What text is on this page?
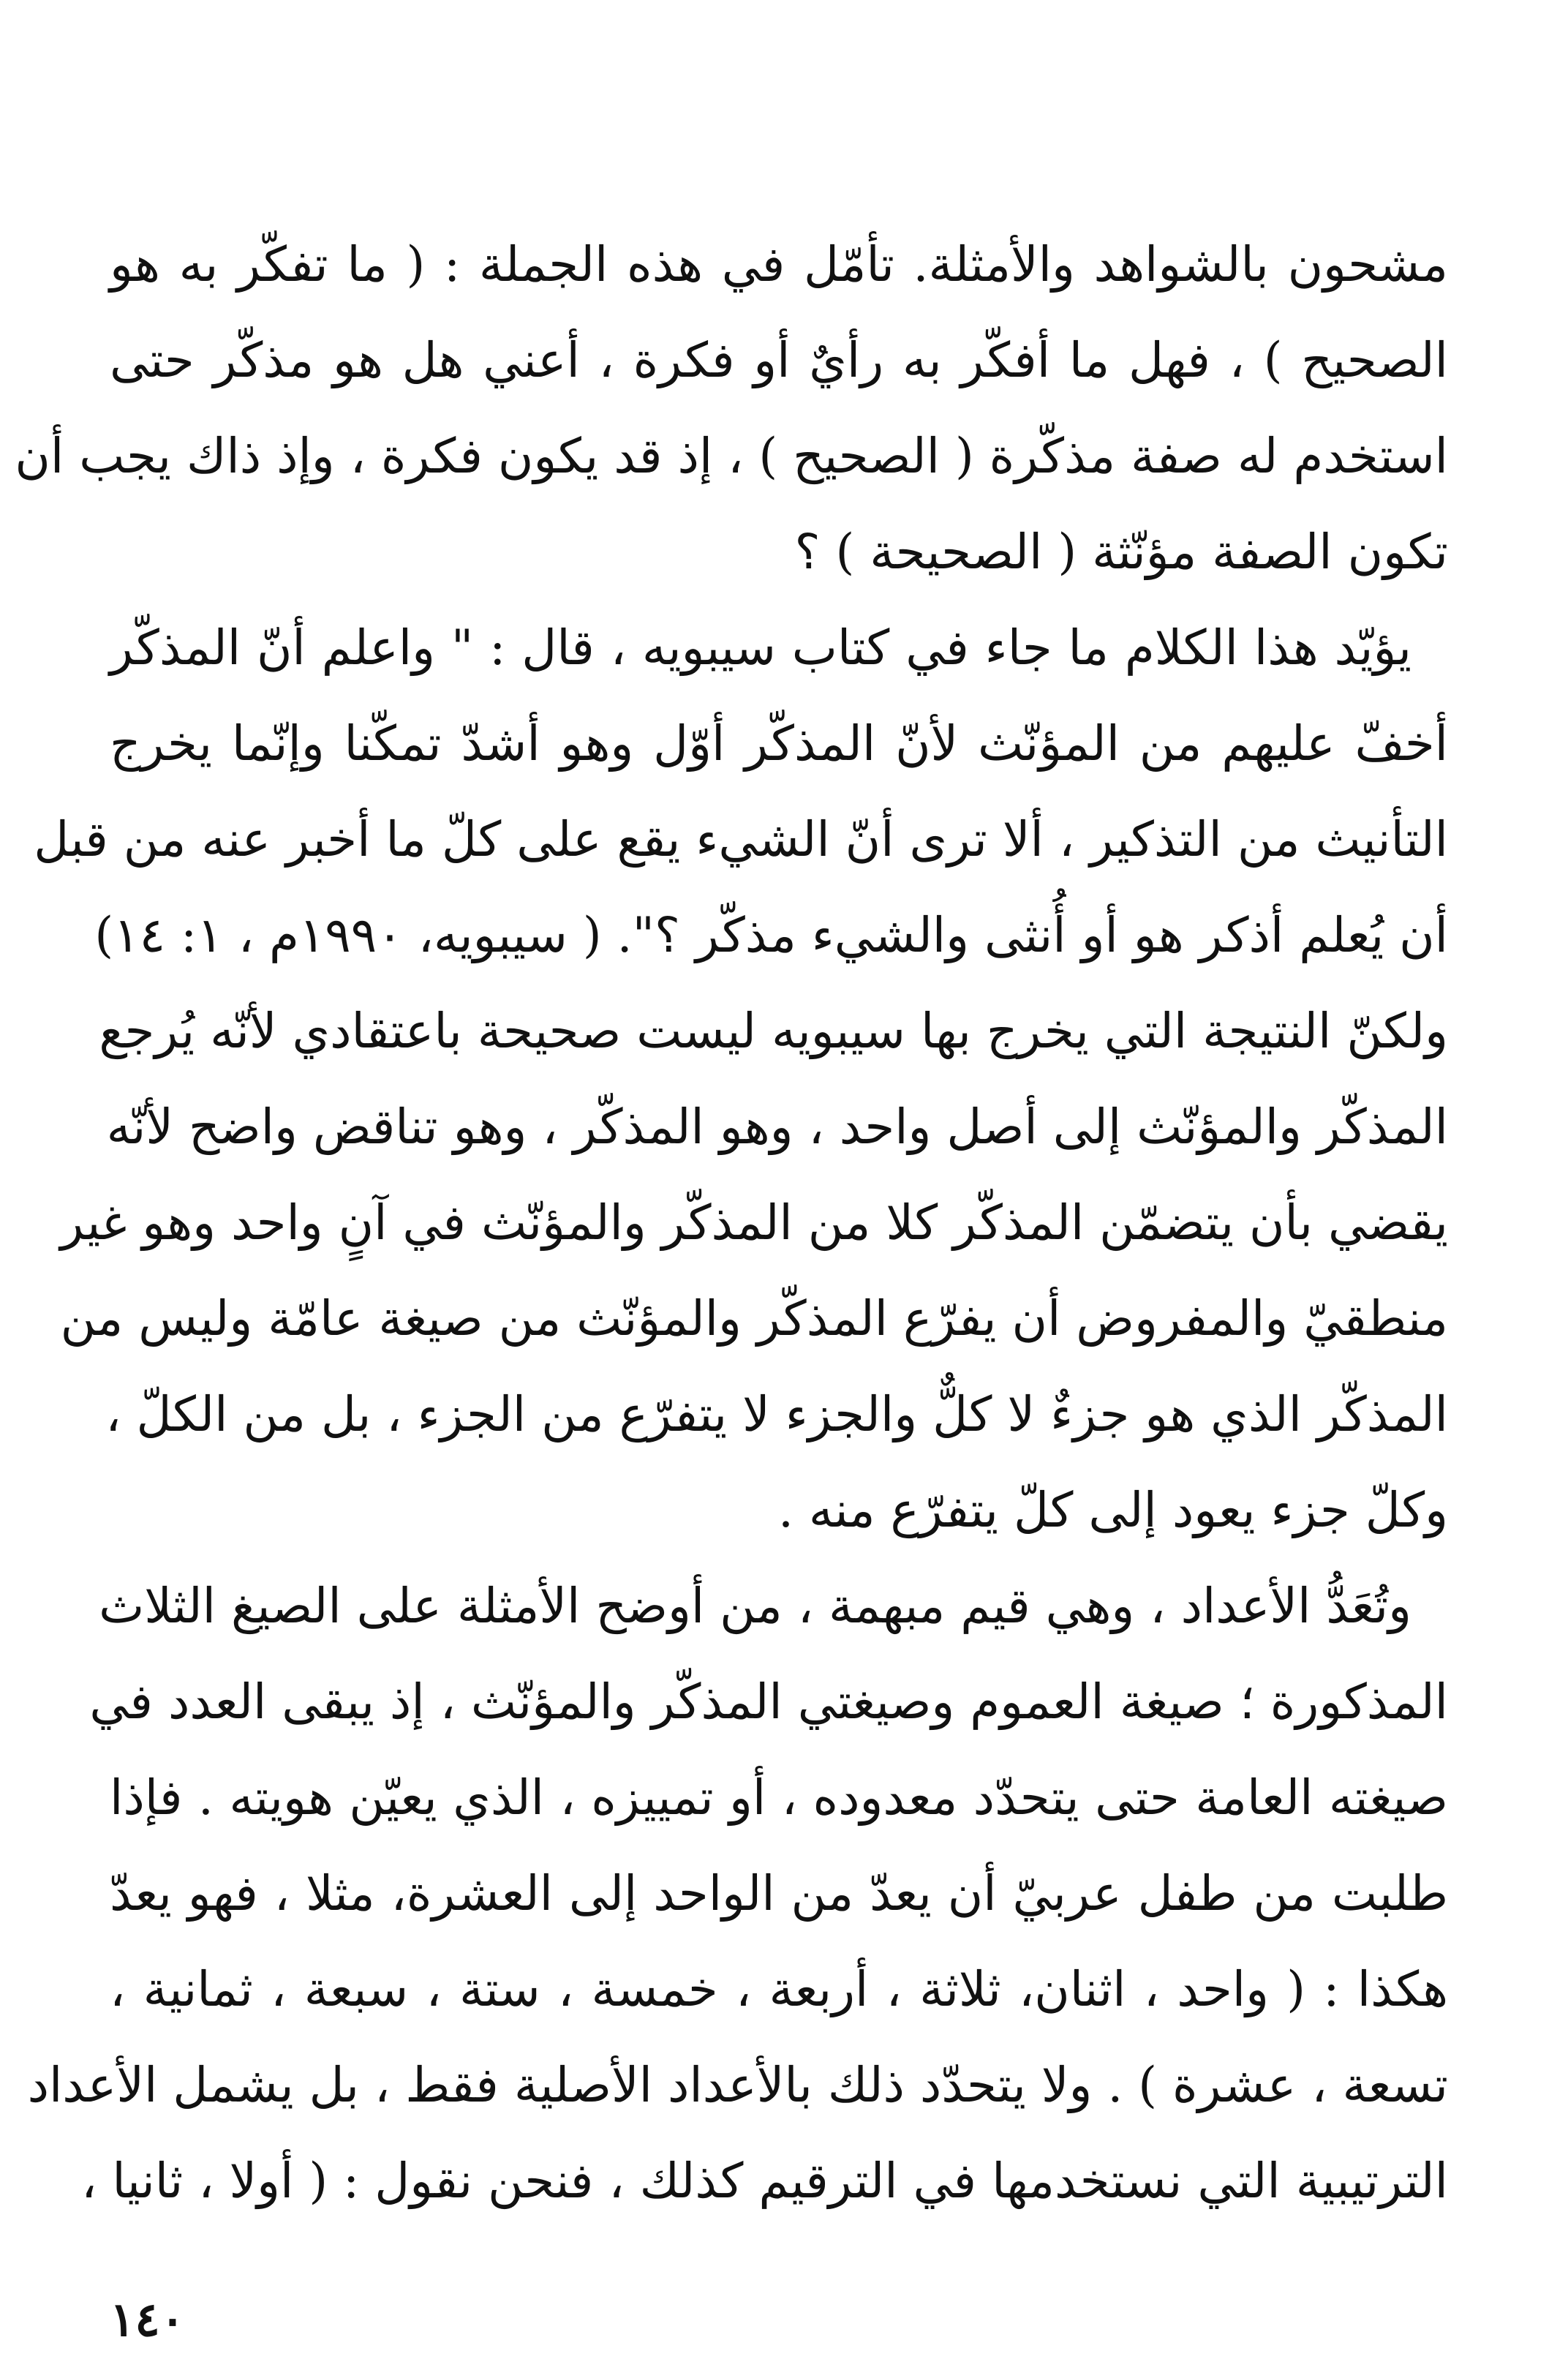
مشحون بالشواهد والأمثلة. تأمّل في هذه الجملة : ( ما تفكّر به هو
الصحيح ) ، فهل ما أفكّر به رأيٌ أو فكرة ، أعني هل هو مذكّر حتى
استخدم له صفة مذكّرة ( الصحيح ) ، إذ قد يكون فكرة ، وإذ ذاك يجب أن
تكون الصفة مؤنّثة ( الصحيحة ) ؟
يؤيّد هذا الكلام ما جاء في كتاب سيبويه ، قال : " واعلم أنّ المذكّر
أخفّ عليهم من المؤنّث لأنّ المذكّر أوّل وهو أشدّ تمكّنا وإنّما يخرج
التأنيث من التذكير ، ألا ترى أنّ الشيء يقع على كلّ ما أخبر عنه من قبل
أن يُعلم أذكر هو أو أُنثى والشيء مذكّر ؟". ( سيبويه، ١٩٩٠م ، ١: ١٤)
ولكنّ النتيجة التي يخرج بها سيبويه ليست صحيحة باعتقادي لأنّه يُرجع
المذكّر والمؤنّث إلى أصل واحد ، وهو المذكّر ، وهو تناقض واضح لأنّه
يقضي بأن يتضمّن المذكّر كلا من المذكّر والمؤنّث في آنٍ واحد وهو غير
منطقيّ والمفروض أن يفرّع المذكّر والمؤنّث من صيغة عامّة وليس من
المذكّر الذي هو جزءٌ لا كلٌّ والجزء لا يتفرّع من الجزء ، بل من الكلّ ،
وكلّ جزء يعود إلى كلّ يتفرّع منه .
وتُعَدُّ الأعداد ، وهي قيم مبهمة ، من أوضح الأمثلة على الصيغ الثلاث
المذكورة ؛ صيغة العموم وصيغتي المذكّر والمؤنّث ، إذ يبقى العدد في
صيغته العامة حتى يتحدّد معدوده ، أو تمييزه ، الذي يعيّن هويته . فإذا
طلبت من طفل عربيّ أن يعدّ من الواحد إلى العشرة، مثلا ، فهو يعدّ
هكذا : ( واحد ، اثنان، ثلاثة ، أربعة ، خمسة ، ستة ، سبعة ، ثمانية ،
تسعة ، عشرة ) . ولا يتحدّد ذلك بالأعداد الأصلية فقط ، بل يشمل الأعداد
الترتيبية التي نستخدمها في الترقيم كذلك ، فنحن نقول : ( أولا ، ثانيا ،
١٤٠
